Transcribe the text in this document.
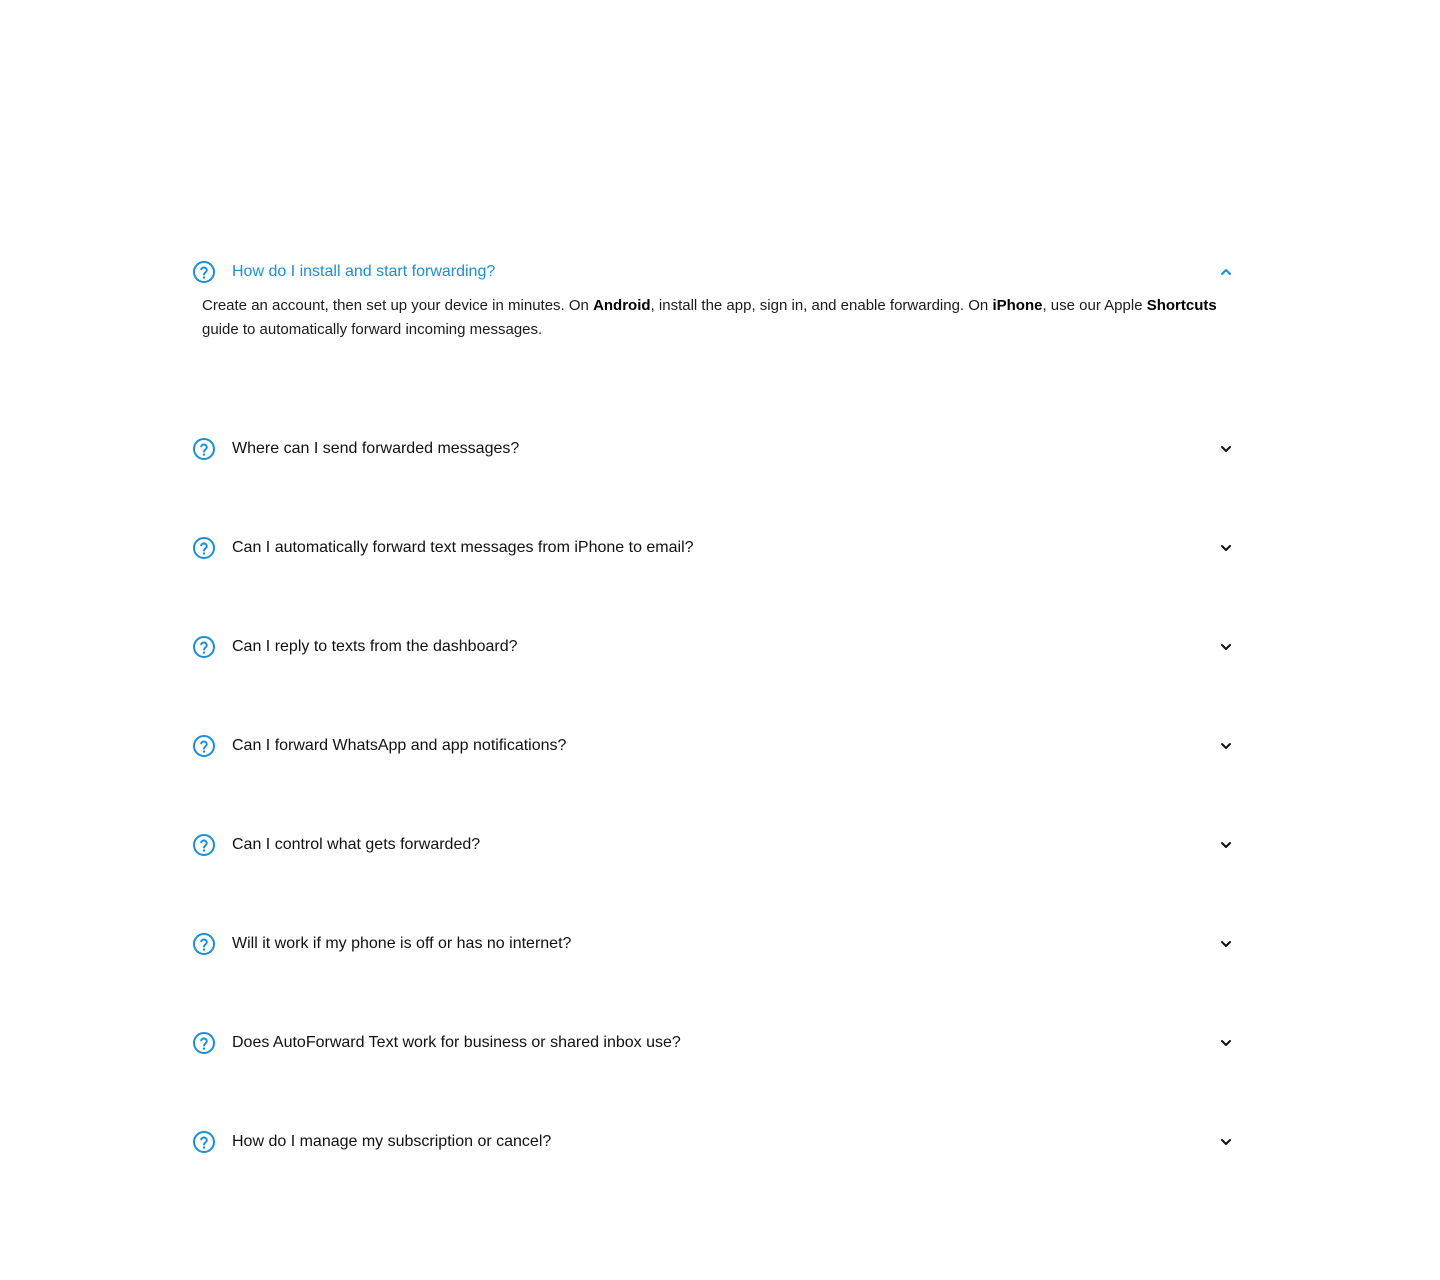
How do I install and start forwarding?
Create an account, then set up your device in minutes. On Android, install the app, sign in, and enable forwarding. On iPhone, use our Apple Shortcuts guide to automatically forward incoming messages.
Where can I send forwarded messages?
Can I automatically forward text messages from iPhone to email?
Can I reply to texts from the dashboard?
Can I forward WhatsApp and app notifications?
Can I control what gets forwarded?
Will it work if my phone is off or has no internet?
Does AutoForward Text work for business or shared inbox use?
How do I manage my subscription or cancel?
